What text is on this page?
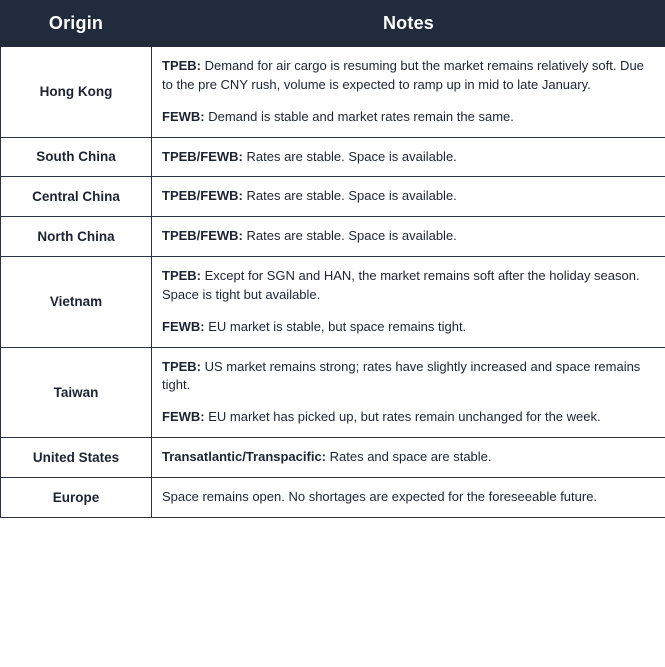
Origin	Notes
Hong Kong	TPEB: Demand for air cargo is resuming but the market remains relatively soft. Due to the pre CNY rush, volume is expected to ramp up in mid to late January.

FEWB: Demand is stable and market rates remain the same.

South China	TPEB/FEWB: Rates are stable. Space is available.

Central China	TPEB/FEWB: Rates are stable. Space is available.

North China	TPEB/FEWB: Rates are stable. Space is available.

Vietnam	TPEB: Except for SGN and HAN, the market remains soft after the holiday season. Space is tight but available.

FEWB: EU market is stable, but space remains tight.

Taiwan	TPEB: US market remains strong; rates have slightly increased and space remains tight.

FEWB: EU market has picked up, but rates remain unchanged for the week.

United States	Transatlantic/Transpacific: Rates and space are stable.

Europe	Space remains open. No shortages are expected for the foreseeable future.
